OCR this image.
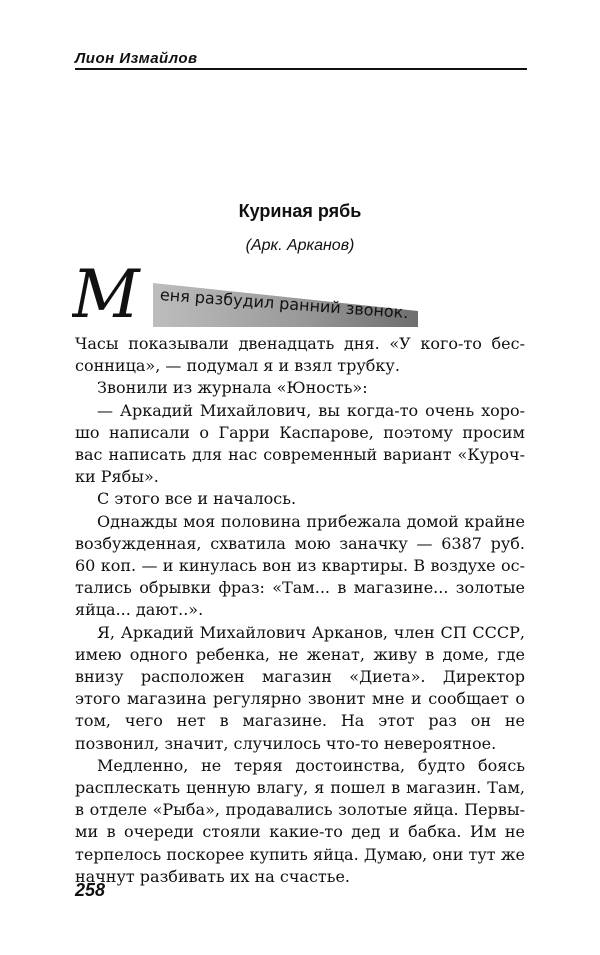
Лион Измайлов
Куриная рябь
(Арк. Арканов)
М еня разбудил ранний звонок.

Часы показывали двенадцать дня. «У кого-то бессонница», — подумал я и взял трубку.

Звонили из журнала «Юность»:

— Аркадий Михайлович, вы когда-то очень хорошо написали о Гарри Каспарове, поэтому просим вас написать для нас современный вариант «Курочки Рябы».

С этого все и началось.

Однажды моя половина прибежала домой крайне возбужденная, схватила мою заначку — 6387 руб. 60 коп. — и кинулась вон из квартиры. В воздухе остались обрывки фраз: «Там... в магазине... золотые яйца... дают..».

Я, Аркадий Михайлович Арканов, член СП СССР, имею одного ребенка, не женат, живу в доме, где внизу расположен магазин «Диета». Директор этого магазина регулярно звонит мне и сообщает о том, чего нет в магазине. На этот раз он не позвонил, значит, случилось что-то невероятное.

Медленно, не теряя достоинства, будто боясь расплескать ценную влагу, я пошел в магазин. Там, в отделе «Рыба», продавались золотые яйца. Первыми в очереди стояли какие-то дед и бабка. Им не терпелось поскорее купить яйца. Думаю, они тут же начнут разбивать их на счастье.

258
